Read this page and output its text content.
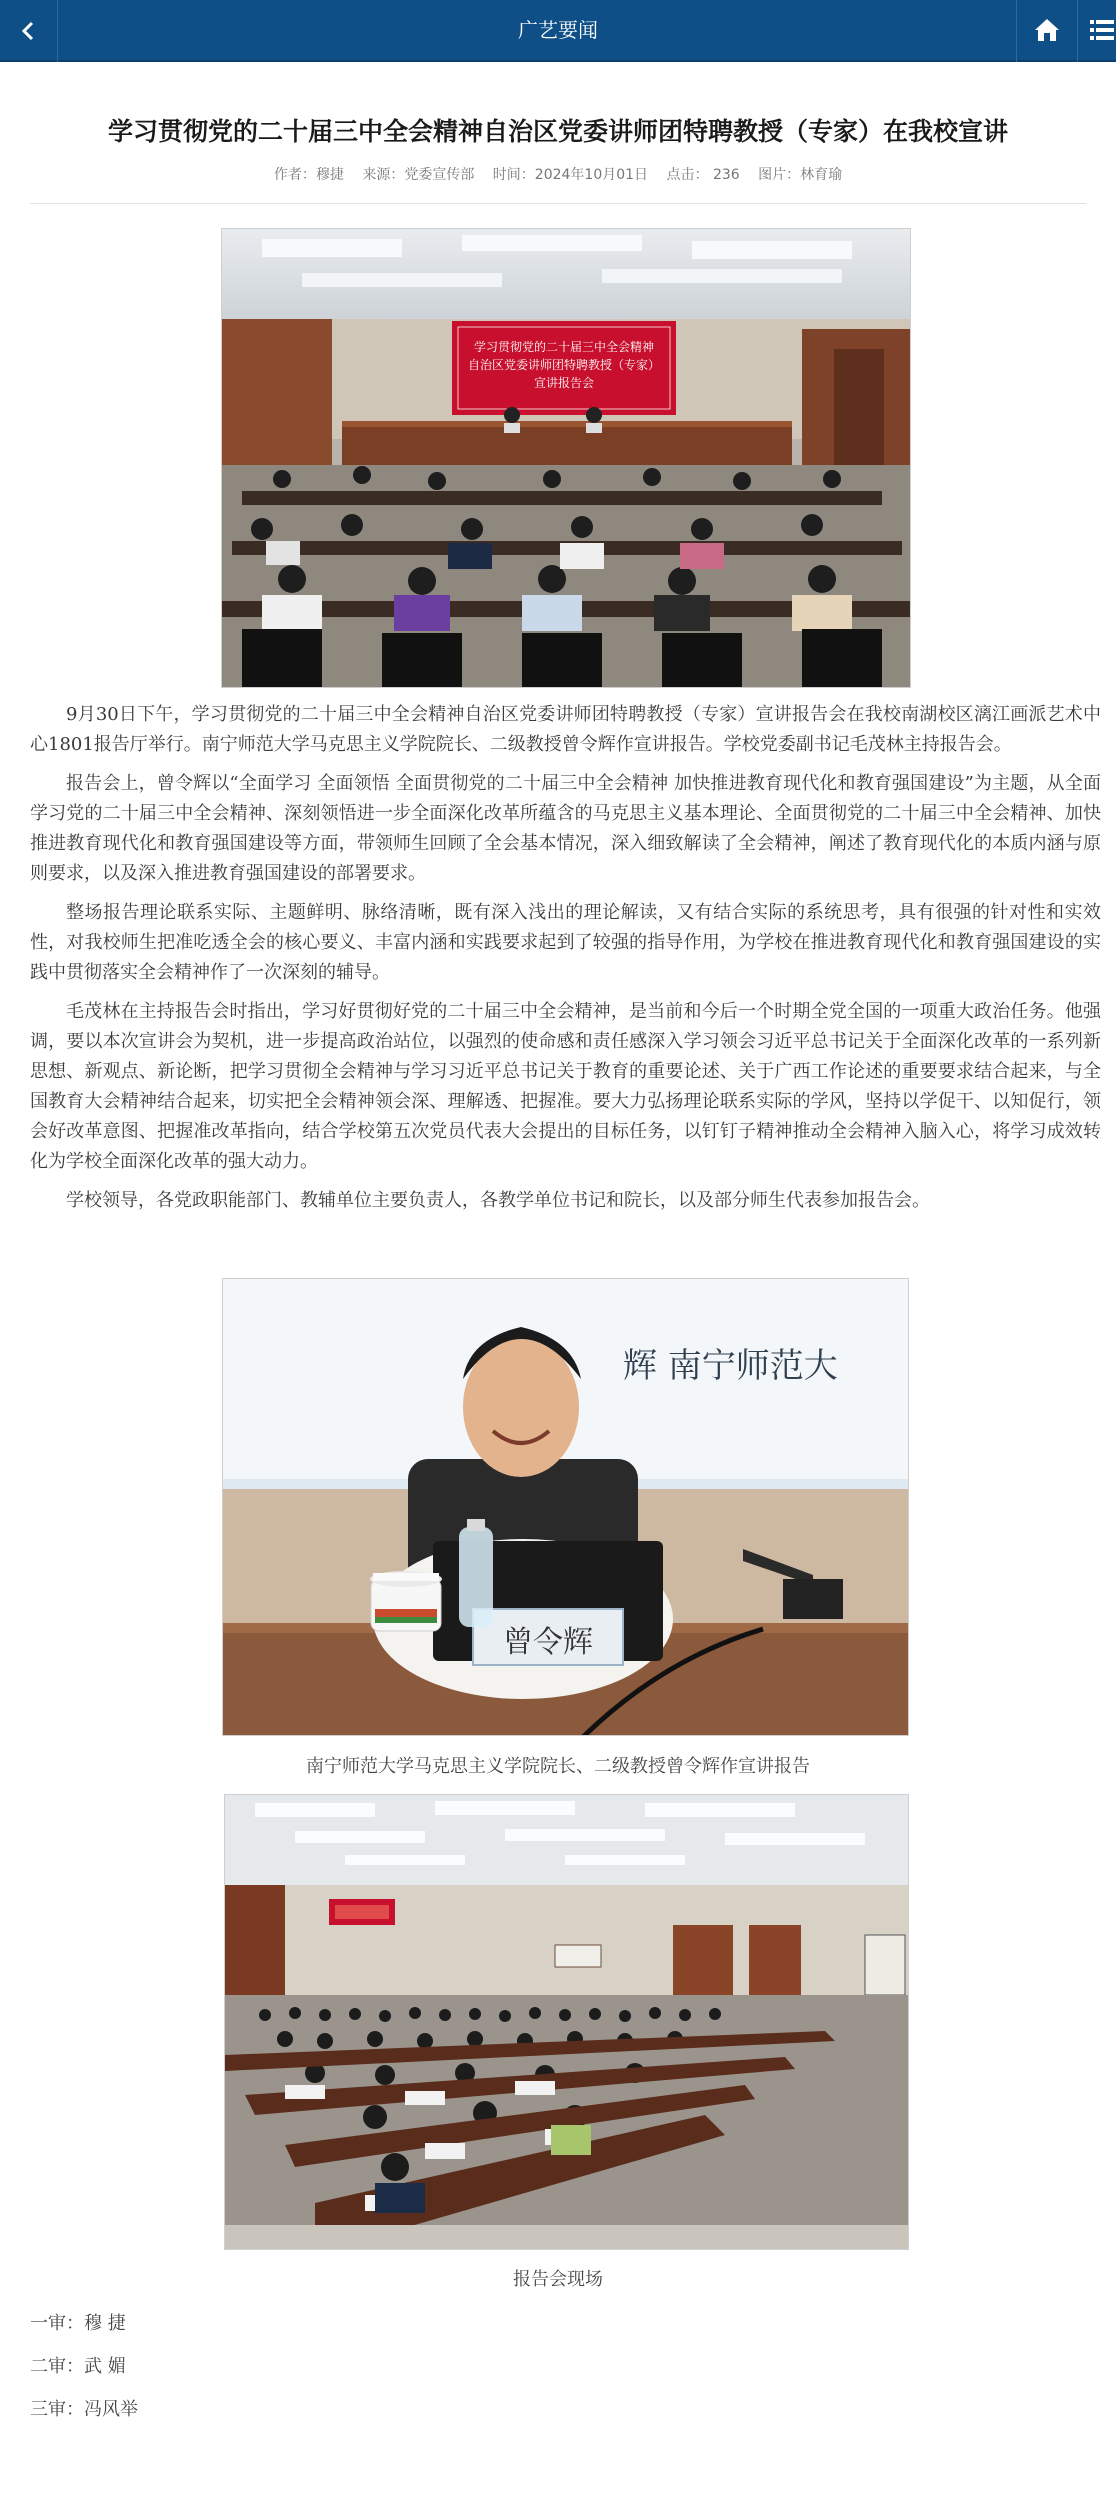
广艺要闻
学习贯彻党的二十届三中全会精神自治区党委讲师团特聘教授（专家）在我校宣讲
作者：穆捷 来源：党委宣传部 时间：2024年10月01日 点击： 236 图片：林育瑜
学习贯彻党的二十届三中全会精神
自治区党委讲师团特聘教授（专家）
宣讲报告会

9月30日下午，学习贯彻党的二十届三中全会精神自治区党委讲师团特聘教授（专家）宣讲报告会在我校南湖校区漓江画派艺术中心1801报告厅举行。南宁师范大学马克思主义学院院长、二级教授曾令辉作宣讲报告。学校党委副书记毛茂林主持报告会。

报告会上，曾令辉以“全面学习 全面领悟 全面贯彻党的二十届三中全会精神 加快推进教育现代化和教育强国建设”为主题，从全面学习党的二十届三中全会精神、深刻领悟进一步全面深化改革所蕴含的马克思主义基本理论、全面贯彻党的二十届三中全会精神、加快推进教育现代化和教育强国建设等方面，带领师生回顾了全会基本情况，深入细致解读了全会精神，阐述了教育现代化的本质内涵与原则要求，以及深入推进教育强国建设的部署要求。

整场报告理论联系实际、主题鲜明、脉络清晰，既有深入浅出的理论解读，又有结合实际的系统思考，具有很强的针对性和实效性，对我校师生把准吃透全会的核心要义、丰富内涵和实践要求起到了较强的指导作用，为学校在推进教育现代化和教育强国建设的实践中贯彻落实全会精神作了一次深刻的辅导。

毛茂林在主持报告会时指出，学习好贯彻好党的二十届三中全会精神，是当前和今后一个时期全党全国的一项重大政治任务。他强调，要以本次宣讲会为契机，进一步提高政治站位，以强烈的使命感和责任感深入学习领会习近平总书记关于全面深化改革的一系列新思想、新观点、新论断，把学习贯彻全会精神与学习习近平总书记关于教育的重要论述、关于广西工作论述的重要要求结合起来，与全国教育大会精神结合起来，切实把全会精神领会深、理解透、把握准。要大力弘扬理论联系实际的学风，坚持以学促干、以知促行，领会好改革意图、把握准改革指向，结合学校第五次党员代表大会提出的目标任务，以钉钉子精神推动全会精神入脑入心，将学习成效转化为学校全面深化改革的强大动力。

学校领导，各党政职能部门、教辅单位主要负责人，各教学单位书记和院长，以及部分师生代表参加报告会。

辉 南宁师范大
曾令辉
南宁师范大学马克思主义学院院长、二级教授曾令辉作宣讲报告
报告会现场
一审：穆 捷
二审：武 媚
三审：冯风举
